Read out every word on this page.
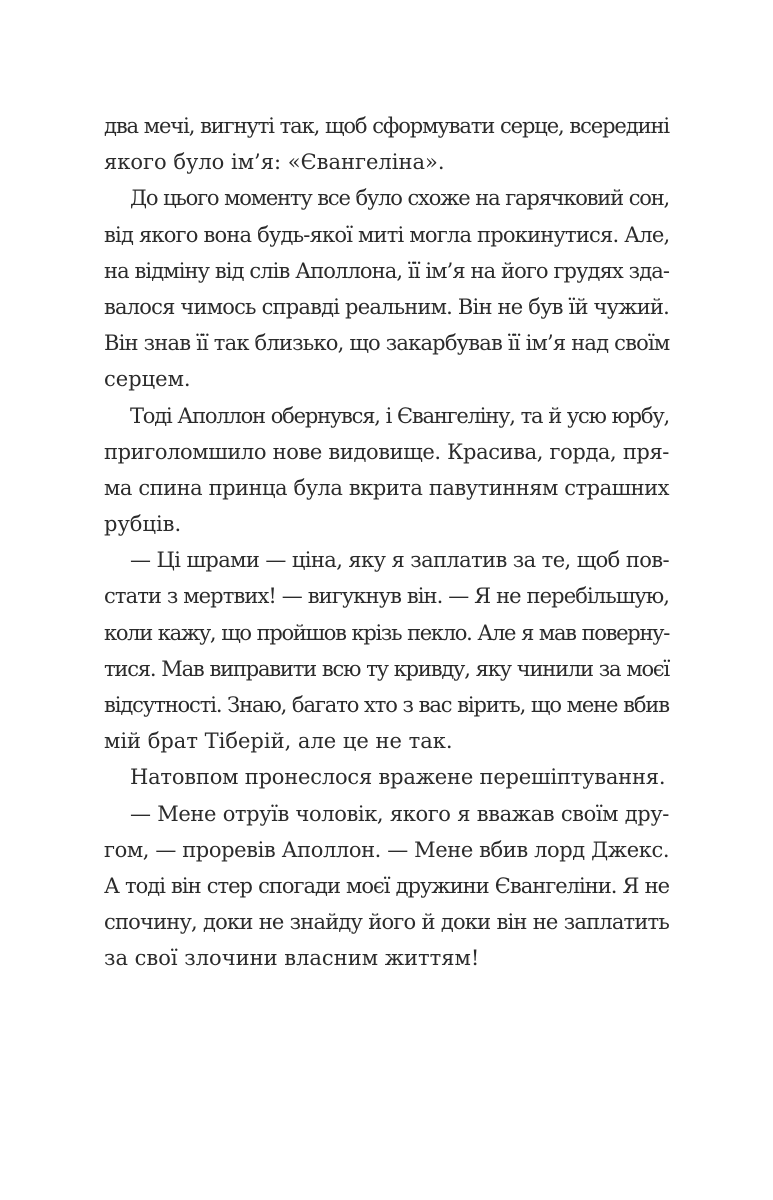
два мечі, вигнуті так, щоб сформувати серце, всередині
якого було ім’я: «Євангеліна».
До цього моменту все було схоже на гарячковий сон,
від якого вона будь-якої миті могла прокинутися. Але,
на відміну від слів Аполлона, її ім’я на його грудях зда-
валося чимось справді реальним. Він не був їй чужий.
Він знав її так близько, що закарбував її ім’я над своїм
серцем.
Тоді Аполлон обернувся, і Євангеліну, та й усю юрбу,
приголомшило нове видовище. Красива, горда, пря-
ма спина принца була вкрита павутинням страшних
рубців.
— Ці шрами — ціна, яку я заплатив за те, щоб пов-
стати з мертвих! — вигукнув він. — Я не перебільшую,
коли кажу, що пройшов крізь пекло. Але я мав поверну-
тися. Мав виправити всю ту кривду, яку чинили за моєї
відсутності. Знаю, багато хто з вас вірить, що мене вбив
мій брат Тіберій, але це не так.
Натовпом пронеслося вражене перешіптування.
— Мене отруїв чоловік, якого я вважав своїм дру-
гом, — проревів Аполлон. — Мене вбив лорд Джекс.
А тоді він стер спогади моєї дружини Євангеліни. Я не
спочину, доки не знайду його й доки він не заплатить
за свої злочини власним життям!
